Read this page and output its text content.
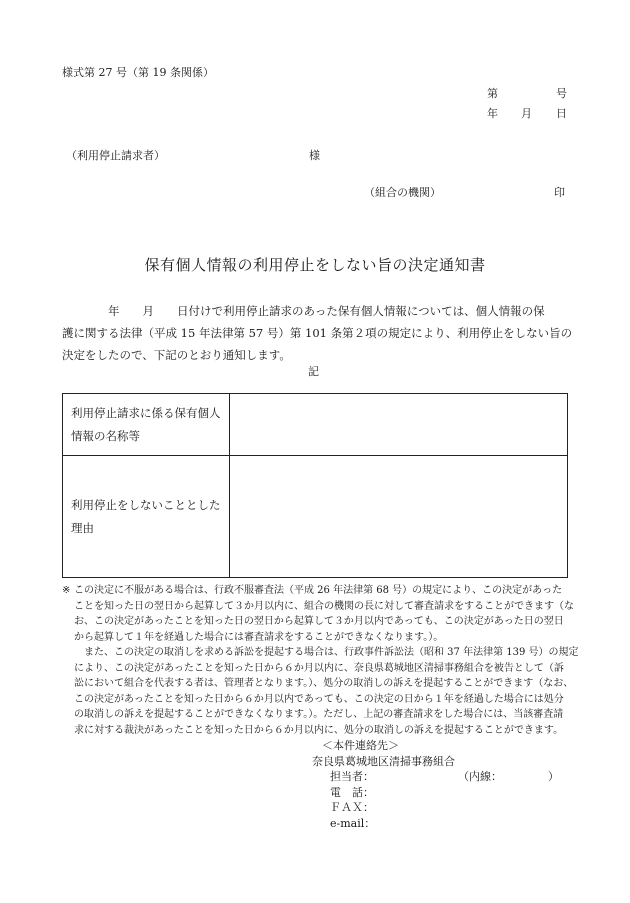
様式第 27 号（第 19 条関係）
第	号
年 月 日
（利用停止請求者）	様
（組合の機関）	印
保有個人情報の利用停止をしない旨の決定通知書
　　　　年　　月　　日付けで利用停止請求のあった保有個人情報については、個人情報の保
護に関する法律（平成 15 年法律第 57 号）第 101 条第２項の規定により、利用停止をしない旨の
決定をしたので、下記のとおり通知します。
記
利用停止請求に係る保有個人
情報の名称等	

利用停止をしないこととした
理由	

※ この決定に不服がある場合は、行政不服審査法（平成 26 年法律第 68 号）の規定により、この決定があった
ことを知った日の翌日から起算して３か月以内に、組合の機関の長に対して審査請求をすることができます（な
お、この決定があったことを知った日の翌日から起算して３か月以内であっても、この決定があった日の翌日
から起算して１年を経過した場合には審査請求をすることができなくなります。）。
　また、この決定の取消しを求める訴訟を提起する場合は、行政事件訴訟法（昭和 37 年法律第 139 号）の規定
により、この決定があったことを知った日から６か月以内に、奈良県葛城地区清掃事務組合を被告として（訴
訟において組合を代表する者は、管理者となります。）、処分の取消しの訴えを提起することができます（なお、
この決定があったことを知った日から６か月以内であっても、この決定の日から１年を経過した場合には処分
の取消しの訴えを提起することができなくなります。）。ただし、上記の審査請求をした場合には、当該審査請
求に対する裁決があったことを知った日から６か月以内に、処分の取消しの訴えを提起することができます。
＜本件連絡先＞
奈良県葛城地区清掃事務組合
担当者：	（内線：	）
電　話：
ＦＡＸ：
e-mail：
